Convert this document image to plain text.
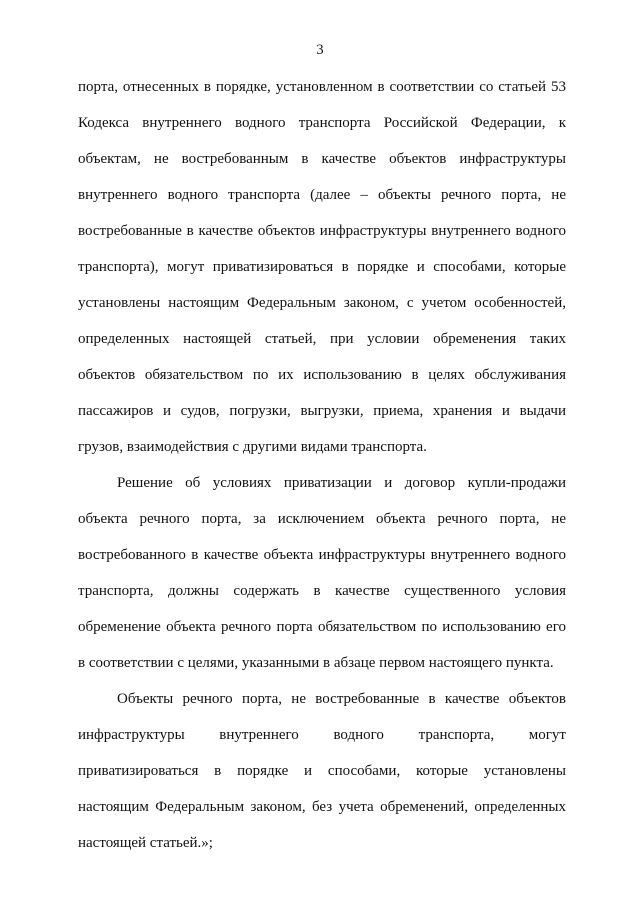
3
порта, отнесенных в порядке, установленном в соответствии со статьей 53
Кодекса внутреннего водного транспорта Российской Федерации, к
объектам, не востребованным в качестве объектов инфраструктуры
внутреннего водного транспорта (далее – объекты речного порта, не
востребованные в качестве объектов инфраструктуры внутреннего водного
транспорта), могут приватизироваться в порядке и способами, которые
установлены настоящим Федеральным законом, с учетом особенностей,
определенных настоящей статьей, при условии обременения таких
объектов обязательством по их использованию в целях обслуживания
пассажиров и судов, погрузки, выгрузки, приема, хранения и выдачи
грузов, взаимодействия с другими видами транспорта.
Решение об условиях приватизации и договор купли-продажи
объекта речного порта, за исключением объекта речного порта, не
востребованного в качестве объекта инфраструктуры внутреннего водного
транспорта, должны содержать в качестве существенного условия
обременение объекта речного порта обязательством по использованию его
в соответствии с целями, указанными в абзаце первом настоящего пункта.
Объекты речного порта, не востребованные в качестве объектов
инфраструктуры внутреннего водного транспорта, могут
приватизироваться в порядке и способами, которые установлены
настоящим Федеральным законом, без учета обременений, определенных
настоящей статьей.»;
